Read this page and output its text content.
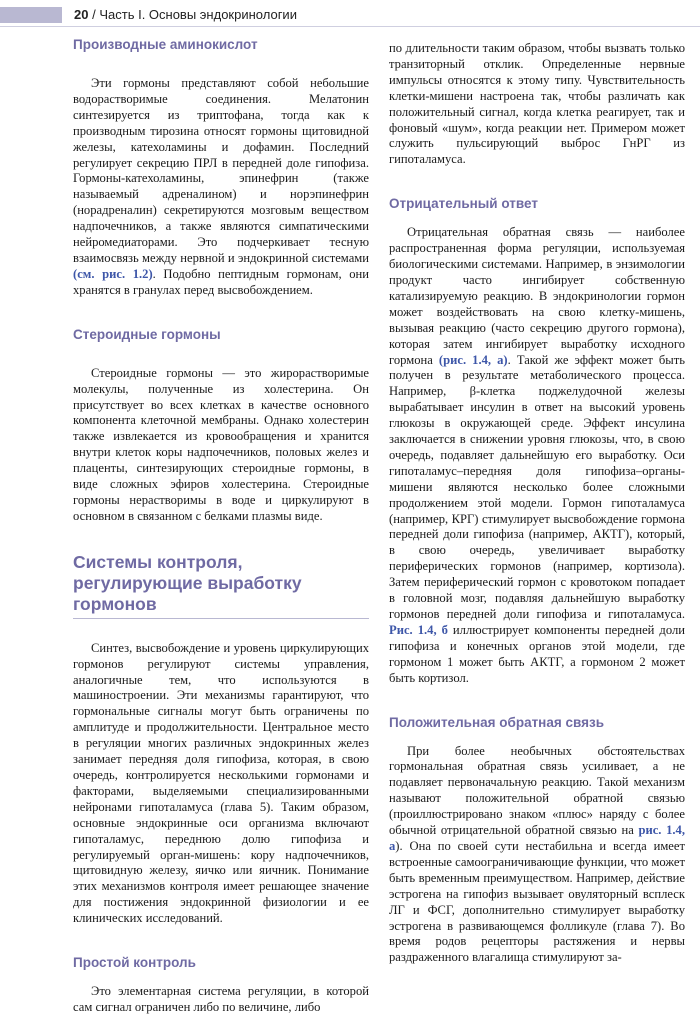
20 / Часть I. Основы эндокринологии
Производные аминокислот

Эти гормоны представляют собой небольшие водорастворимые соединения. Мелатонин синтезируется из триптофана, тогда как к производным тирозина относят гормоны щитовидной железы, катехоламины и дофамин. Последний регулирует секрецию ПРЛ в передней доле гипофиза. Гормоны-катехоламины, эпинефрин (также называемый адреналином) и норэпинефрин (норадреналин) секретируются мозговым веществом надпочечников, а также являются симпатическими нейромедиаторами. Это подчеркивает тесную взаимосвязь между нервной и эндокринной системами (см. рис. 1.2). Подобно пептидным гормонам, они хранятся в гранулах перед высвобождением.

Стероидные гормоны

Стероидные гормоны — это жирорастворимые молекулы, полученные из холестерина. Он присутствует во всех клетках в качестве основного компонента клеточной мембраны. Однако холестерин также извлекается из кровообращения и хранится внутри клеток коры надпочечников, половых желез и плаценты, синтезирующих стероидные гормоны, в виде сложных эфиров холестерина. Стероидные гормоны нерастворимы в воде и циркулируют в основном в связанном с белками плазмы виде.

Системы контроля, регулирующие выработку гормонов

Синтез, высвобождение и уровень циркулирующих гормонов регулируют системы управления, аналогичные тем, что используются в машиностроении. Эти механизмы гарантируют, что гормональные сигналы могут быть ограничены по амплитуде и продолжительности. Центральное место в регуляции многих различных эндокринных желез занимает передняя доля гипофиза, которая, в свою очередь, контролируется несколькими гормонами и факторами, выделяемыми специализированными нейронами гипоталамуса (глава 5). Таким образом, основные эндокринные оси организма включают гипоталамус, переднюю долю гипофиза и регулируемый орган-мишень: кору надпочечников, щитовидную железу, яичко или яичник. Понимание этих механизмов контроля имеет решающее значение для постижения эндокринной физиологии и ее клинических исследований.

Простой контроль

Это элементарная система регуляции, в которой сам сигнал ограничен либо по величине, либо

по длительности таким образом, чтобы вызвать только транзиторный отклик. Определенные нервные импульсы относятся к этому типу. Чувствительность клетки-мишени настроена так, чтобы различать как положительный сигнал, когда клетка реагирует, так и фоновый «шум», когда реакции нет. Примером может служить пульсирующий выброс ГнРГ из гипоталамуса.

Отрицательный ответ

Отрицательная обратная связь — наиболее распространенная форма регуляции, используемая биологическими системами. Например, в энзимологии продукт часто ингибирует собственную катализируемую реакцию. В эндокринологии гормон может воздействовать на свою клетку-мишень, вызывая реакцию (часто секрецию другого гормона), которая затем ингибирует выработку исходного гормона (рис. 1.4, а). Такой же эффект может быть получен в результате метаболического процесса. Например, β-клетка поджелудочной железы вырабатывает инсулин в ответ на высокий уровень глюкозы в окружающей среде. Эффект инсулина заключается в снижении уровня глюкозы, что, в свою очередь, подавляет дальнейшую его выработку. Оси гипоталамус–передняя доля гипофиза–органы-мишени являются несколько более сложными продолжением этой модели. Гормон гипоталамуса (например, КРГ) стимулирует высвобождение гормона передней доли гипофиза (например, АКТГ), который, в свою очередь, увеличивает выработку периферических гормонов (например, кортизола). Затем периферический гормон с кровотоком попадает в головной мозг, подавляя дальнейшую выработку гормонов передней доли гипофиза и гипоталамуса. Рис. 1.4, б иллюстрирует компоненты передней доли гипофиза и конечных органов этой модели, где гормоном 1 может быть АКТГ, а гормоном 2 может быть кортизол.

Положительная обратная связь

При более необычных обстоятельствах гормональная обратная связь усиливает, а не подавляет первоначальную реакцию. Такой механизм называют положительной обратной связью (проиллюстрировано знаком «плюс» наряду с более обычной отрицательной обратной связью на рис. 1.4, а). Она по своей сути нестабильна и всегда имеет встроенные самоограничивающие функции, что может быть временным преимуществом. Например, действие эстрогена на гипофиз вызывает овуляторный всплеск ЛГ и ФСГ, дополнительно стимулирует выработку эстрогена в развивающемся фолликуле (глава 7). Во время родов рецепторы растяжения и нервы раздраженного влагалища стимулируют за-
